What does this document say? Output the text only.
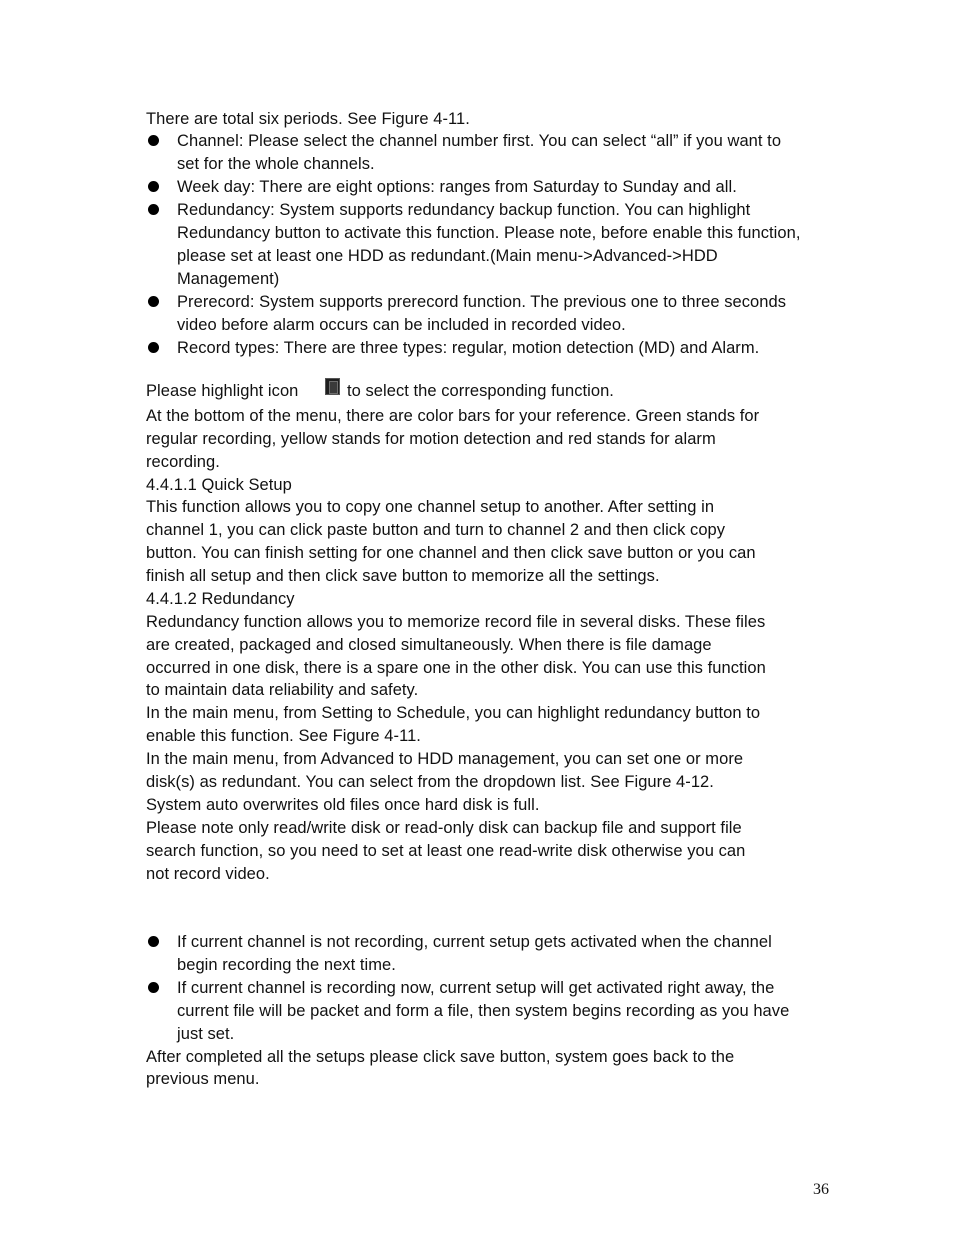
There are total six periods. See Figure 4-11.
Channel: Please select the channel number first. You can select “all” if you want to
set for the whole channels.
Week day: There are eight options: ranges from Saturday to Sunday and all.
Redundancy: System supports redundancy backup function. You can highlight
Redundancy button to activate this function. Please note, before enable this function,
please set at least one HDD as redundant.(Main menu->Advanced->HDD
Management)
Prerecord: System supports prerecord function. The previous one to three seconds
video before alarm occurs can be included in recorded video.
Record types: There are three types: regular, motion detection (MD) and Alarm.
Please highlight icon	to select the corresponding function.
At the bottom of the menu, there are color bars for your reference. Green stands for
regular recording, yellow stands for motion detection and red stands for alarm
recording.
4.4.1.1 Quick Setup
This function allows you to copy one channel setup to another. After setting in
channel 1, you can click paste button and turn to channel 2 and then click copy
button. You can finish setting for one channel and then click save button or you can
finish all setup and then click save button to memorize all the settings.
4.4.1.2 Redundancy
Redundancy function allows you to memorize record file in several disks. These files
are created, packaged and closed simultaneously. When there is file damage
occurred in one disk, there is a spare one in the other disk. You can use this function
to maintain data reliability and safety.
In the main menu, from Setting to Schedule, you can highlight redundancy button to
enable this function. See Figure 4-11.
In the main menu, from Advanced to HDD management, you can set one or more
disk(s) as redundant. You can select from the dropdown list. See Figure 4-12.
System auto overwrites old files once hard disk is full.
Please note only read/write disk or read-only disk can backup file and support file
search function, so you need to set at least one read-write disk otherwise you can
not record video.
If current channel is not recording, current setup gets activated when the channel
begin recording the next time.
If current channel is recording now, current setup will get activated right away, the
current file will be packet and form a file, then system begins recording as you have
just set.
After completed all the setups please click save button, system goes back to the
previous menu.
36
